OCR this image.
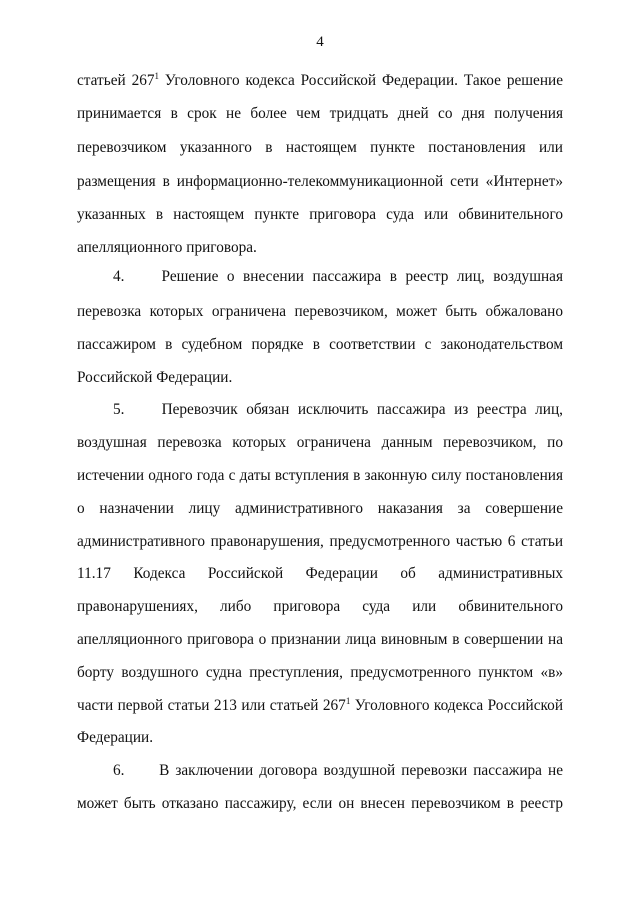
4
статьей $267^1$ Уголовного кодекса Российской Федерации. Такое решение
принимается в срок не более чем тридцать дней со дня получения
перевозчиком указанного в настоящем пункте постановления или
размещения в информационно-телекоммуникационной сети «Интернет»
указанных в настоящем пункте приговора суда или обвинительного
апелляционного приговора.
4. Решение о внесении пассажира в реестр лиц, воздушная
перевозка которых ограничена перевозчиком, может быть обжаловано
пассажиром в судебном порядке в соответствии с законодательством
Российской Федерации.
5. Перевозчик обязан исключить пассажира из реестра лиц,
воздушная перевозка которых ограничена данным перевозчиком, по
истечении одного года с даты вступления в законную силу постановления
о назначении лицу административного наказания за совершение
административного правонарушения, предусмотренного частью 6 статьи
11.17 Кодекса Российской Федерации об административных
правонарушениях, либо приговора суда или обвинительного
апелляционного приговора о признании лица виновным в совершении на
борту воздушного судна преступления, предусмотренного пунктом «в»
части первой статьи 213 или статьей $267^1$ Уголовного кодекса Российской
Федерации.
6. В заключении договора воздушной перевозки пассажира не
может быть отказано пассажиру, если он внесен перевозчиком в реестр
